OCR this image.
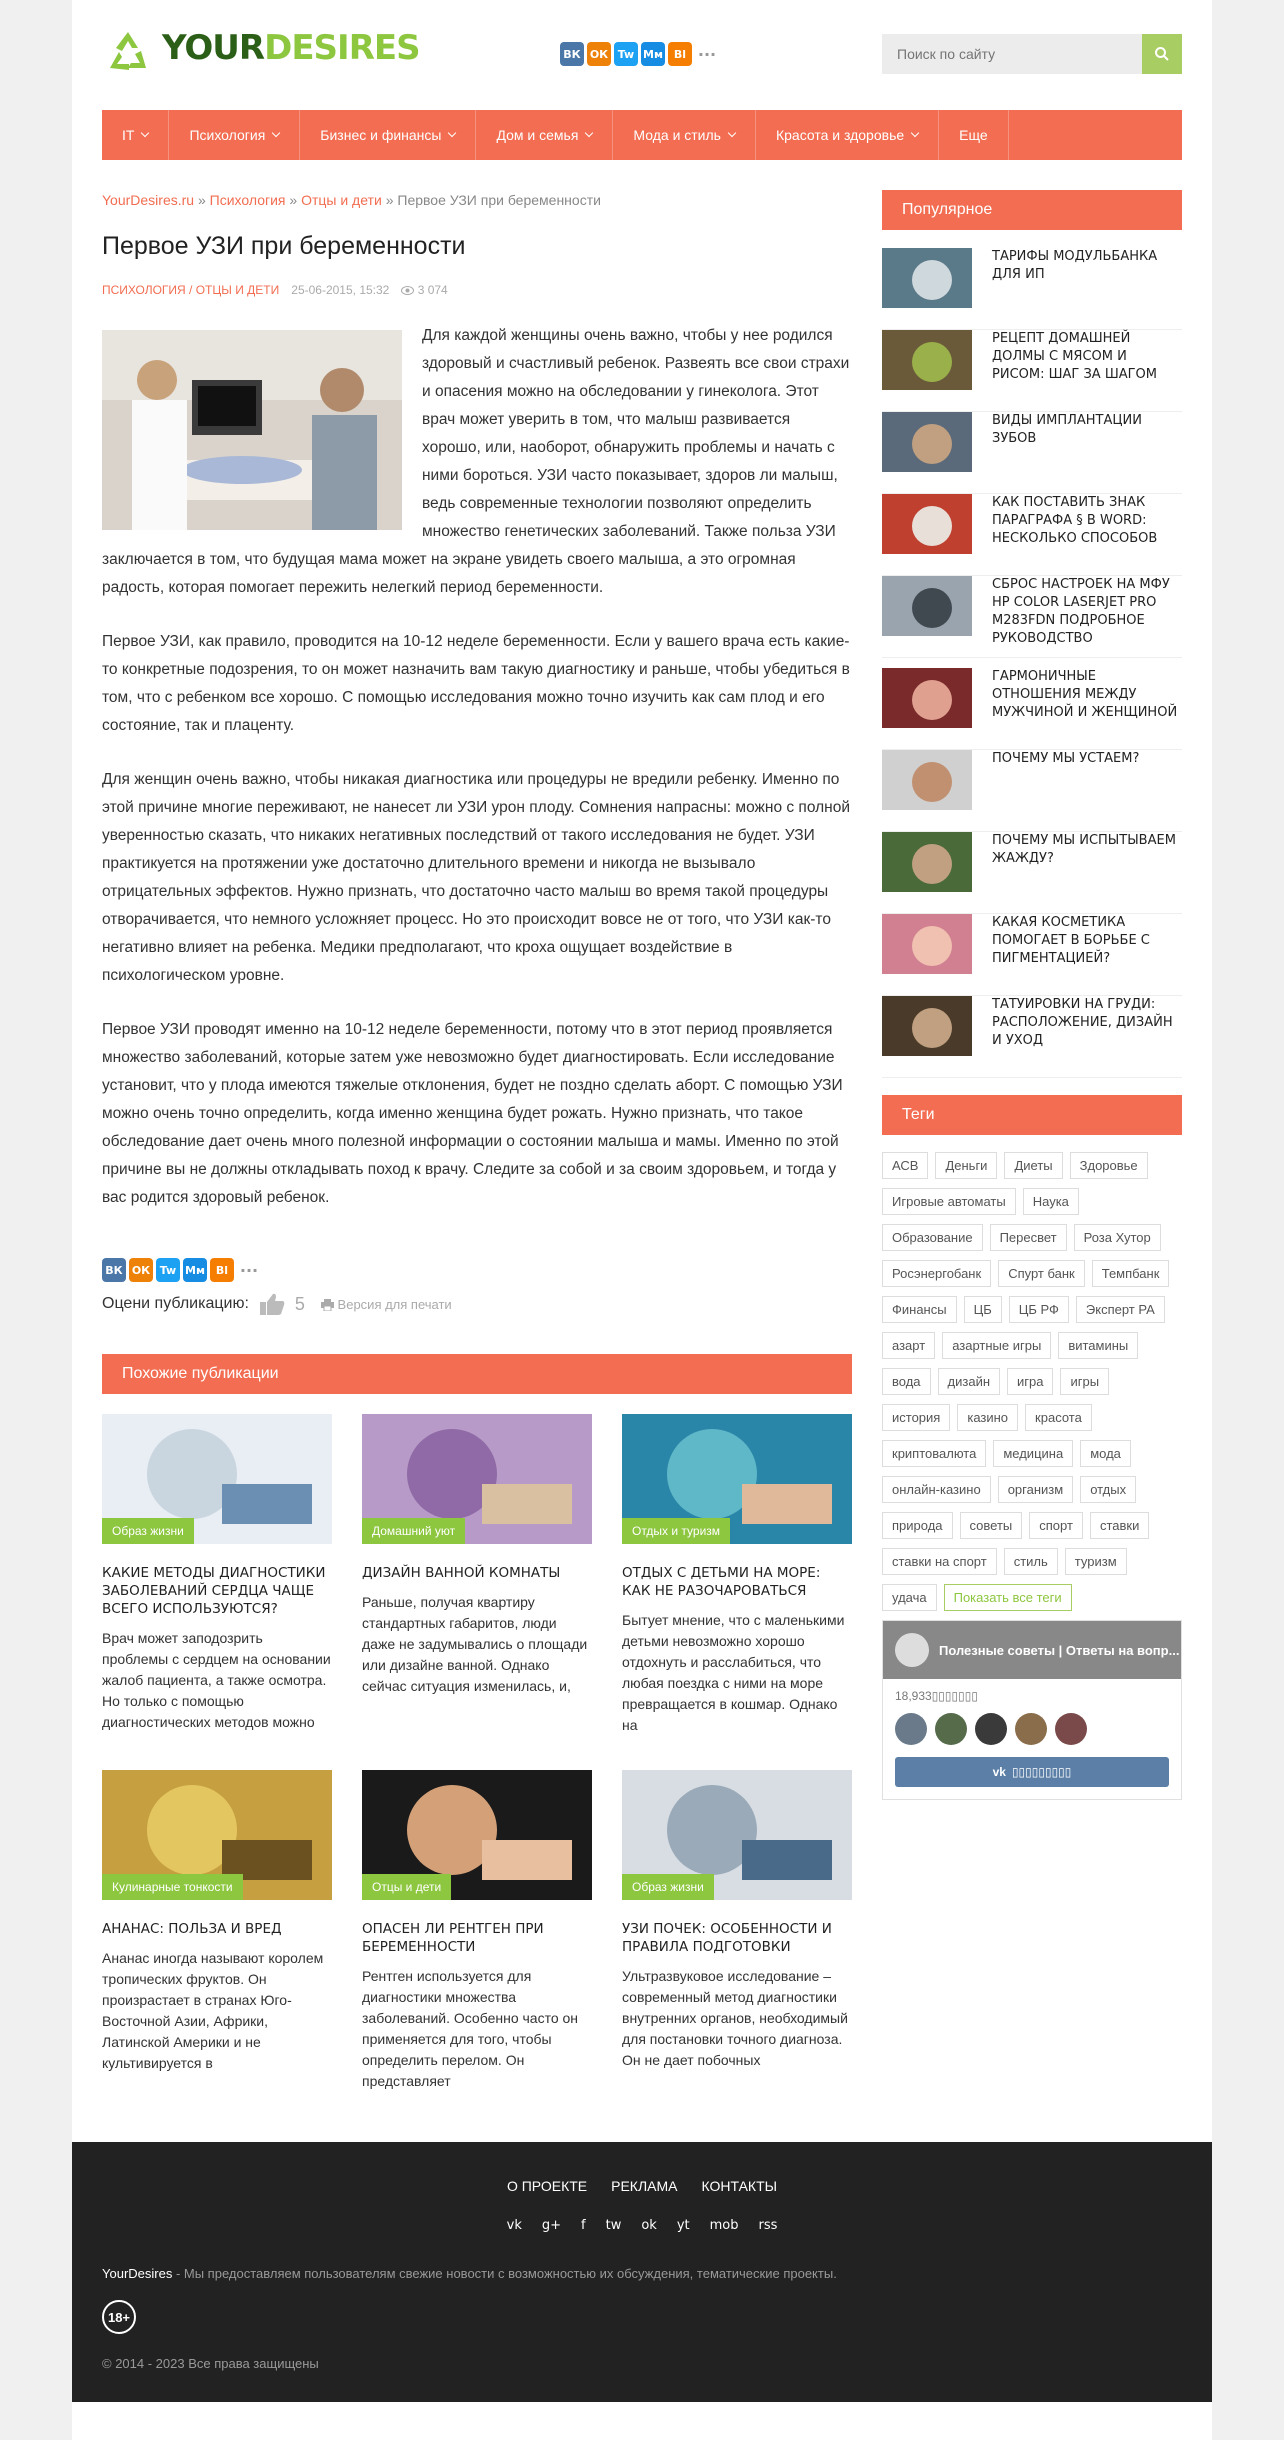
YOURDESIRES	ВК ОК Tw Мм Bl ···
Поиск по сайту
IT	Психология	Бизнес и финансы	Дом и семья	Мода и стиль	Красота и здоровье	Еще
YourDesires.ru » Психология » Отцы и дети » Первое УЗИ при беременности
Первое УЗИ при беременности
ПСИХОЛОГИЯ / ОТЦЫ И ДЕТИ 25-06-2015, 15:32	3 074

Для каждой женщины очень важно, чтобы у нее родился здоровый и счастливый ребенок. Развеять все свои страхи и опасения можно на обследовании у гинеколога. Этот врач может уверить в том, что малыш развивается хорошо, или, наоборот, обнаружить проблемы и начать с ними бороться. УЗИ часто показывает, здоров ли малыш, ведь современные технологии позволяют определить множество генетических заболеваний. Также польза УЗИ заключается в том, что будущая мама может на экране увидеть своего малыша, а это огромная радость, которая помогает пережить нелегкий период беременности.

Первое УЗИ, как правило, проводится на 10-12 неделе беременности. Если у вашего врача есть какие-то конкретные подозрения, то он может назначить вам такую диагностику и раньше, чтобы убедиться в том, что с ребенком все хорошо. С помощью исследования можно точно изучить как сам плод и его состояние, так и плаценту.

Для женщин очень важно, чтобы никакая диагностика или процедуры не вредили ребенку. Именно по этой причине многие переживают, не нанесет ли УЗИ урон плоду. Сомнения напрасны: можно с полной уверенностью сказать, что никаких негативных последствий от такого исследования не будет. УЗИ практикуется на протяжении уже достаточно длительного времени и никогда не вызывало отрицательных эффектов. Нужно признать, что достаточно часто малыш во время такой процедуры отворачивается, что немного усложняет процесс. Но это происходит вовсе не от того, что УЗИ как-то негативно влияет на ребенка. Медики предполагают, что кроха ощущает воздействие в психологическом уровне.

Первое УЗИ проводят именно на 10-12 неделе беременности, потому что в этот период проявляется множество заболеваний, которые затем уже невозможно будет диагностировать. Если исследование установит, что у плода имеются тяжелые отклонения, будет не поздно сделать аборт. С помощью УЗИ можно очень точно определить, когда именно женщина будет рожать. Нужно признать, что такое обследование дает очень много полезной информации о состоянии малыша и мамы. Именно по этой причине вы не должны откладывать поход к врачу. Следите за собой и за своим здоровьем, и тогда у вас родится здоровый ребенок.

ВК ОК Tw Мм Bl ···
Оцени публикацию:	5	Версия для печати
Похожие публикации
Образ жизни
КАКИЕ МЕТОДЫ ДИАГНОСТИКИ ЗАБОЛЕВАНИЙ СЕРДЦА ЧАЩЕ ВСЕГО ИСПОЛЬЗУЮТСЯ?
Врач может заподозрить проблемы с сердцем на основании жалоб пациента, а также осмотра. Но только с помощью диагностических методов можно
Домашний уют
ДИЗАЙН ВАННОЙ КОМНАТЫ
Раньше, получая квартиру стандартных габаритов, люди даже не задумывались о площади или дизайне ванной. Однако сейчас ситуация изменилась, и,
Отдых и туризм
ОТДЫХ С ДЕТЬМИ НА МОРЕ: КАК НЕ РАЗОЧАРОВАТЬСЯ
Бытует мнение, что с маленькими детьми невозможно хорошо отдохнуть и расслабиться, что любая поездка с ними на море превращается в кошмар. Однако на
Кулинарные тонкости
АНАНАС: ПОЛЬЗА И ВРЕД
Ананас иногда называют королем тропических фруктов. Он произрастает в странах Юго-Восточной Азии, Африки, Латинской Америки и не культивируется в
Отцы и дети
ОПАСЕН ЛИ РЕНТГЕН ПРИ БЕРЕМЕННОСТИ
Рентген используется для диагностики множества заболеваний. Особенно часто он применяется для того, чтобы определить перелом. Он представляет
Образ жизни
УЗИ ПОЧЕК: ОСОБЕННОСТИ И ПРАВИЛА ПОДГОТОВКИ
Ультразвуковое исследование – современный метод диагностики внутренних органов, необходимый для постановки точного диагноза. Он не дает побочных
Популярное
ТАРИФЫ МОДУЛЬБАНКА ДЛЯ ИП
РЕЦЕПТ ДОМАШНЕЙ ДОЛМЫ С МЯСОМ И РИСОМ: ШАГ ЗА ШАГОМ
ВИДЫ ИМПЛАНТАЦИИ ЗУБОВ
КАК ПОСТАВИТЬ ЗНАК ПАРАГРАФА § В WORD: НЕСКОЛЬКО СПОСОБОВ
СБРОС НАСТРОЕК НА МФУ HP COLOR LASERJET PRO M283FDN ПОДРОБНОЕ РУКОВОДСТВО
ГАРМОНИЧНЫЕ ОТНОШЕНИЯ МЕЖДУ МУЖЧИНОЙ И ЖЕНЩИНОЙ
ПОЧЕМУ МЫ УСТАЕМ?
ПОЧЕМУ МЫ ИСПЫТЫВАЕМ ЖАЖДУ?
КАКАЯ КОСМЕТИКА ПОМОГАЕТ В БОРЬБЕ С ПИГМЕНТАЦИЕЙ?
ТАТУИРОВКИ НА ГРУДИ: РАСПОЛОЖЕНИЕ, ДИЗАЙН И УХОД
Теги
АСВ	Деньги	Диеты	Здоровье
Игровые автоматы	Наука
Образование	Пересвет	Роза Хутор
Росэнергобанк	Спурт банк	Темпбанк
Финансы	ЦБ	ЦБ РФ	Эксперт РА
азарт	азартные игры	витамины
вода	дизайн	игра	игры
история	казино	красота
криптовалюта	медицина	мода
онлайн-казино	организм	отдых
природа	советы	спорт	ставки
ставки на спорт	стиль	туризм
удача	Показать все теги
Полезные советы | Ответы на вопр...
18,933▯▯▯▯▯▯▯
vk ▯▯▯▯▯▯▯▯▯
О ПРОЕКТЕ РЕКЛАМА КОНТАКТЫ
vk g+ f tw ok yt mob rss
YourDesires - Мы предоставляем пользователям свежие новости с возможностью их обсуждения, тематические проекты.
18+
© 2014 - 2023 Все права защищены
